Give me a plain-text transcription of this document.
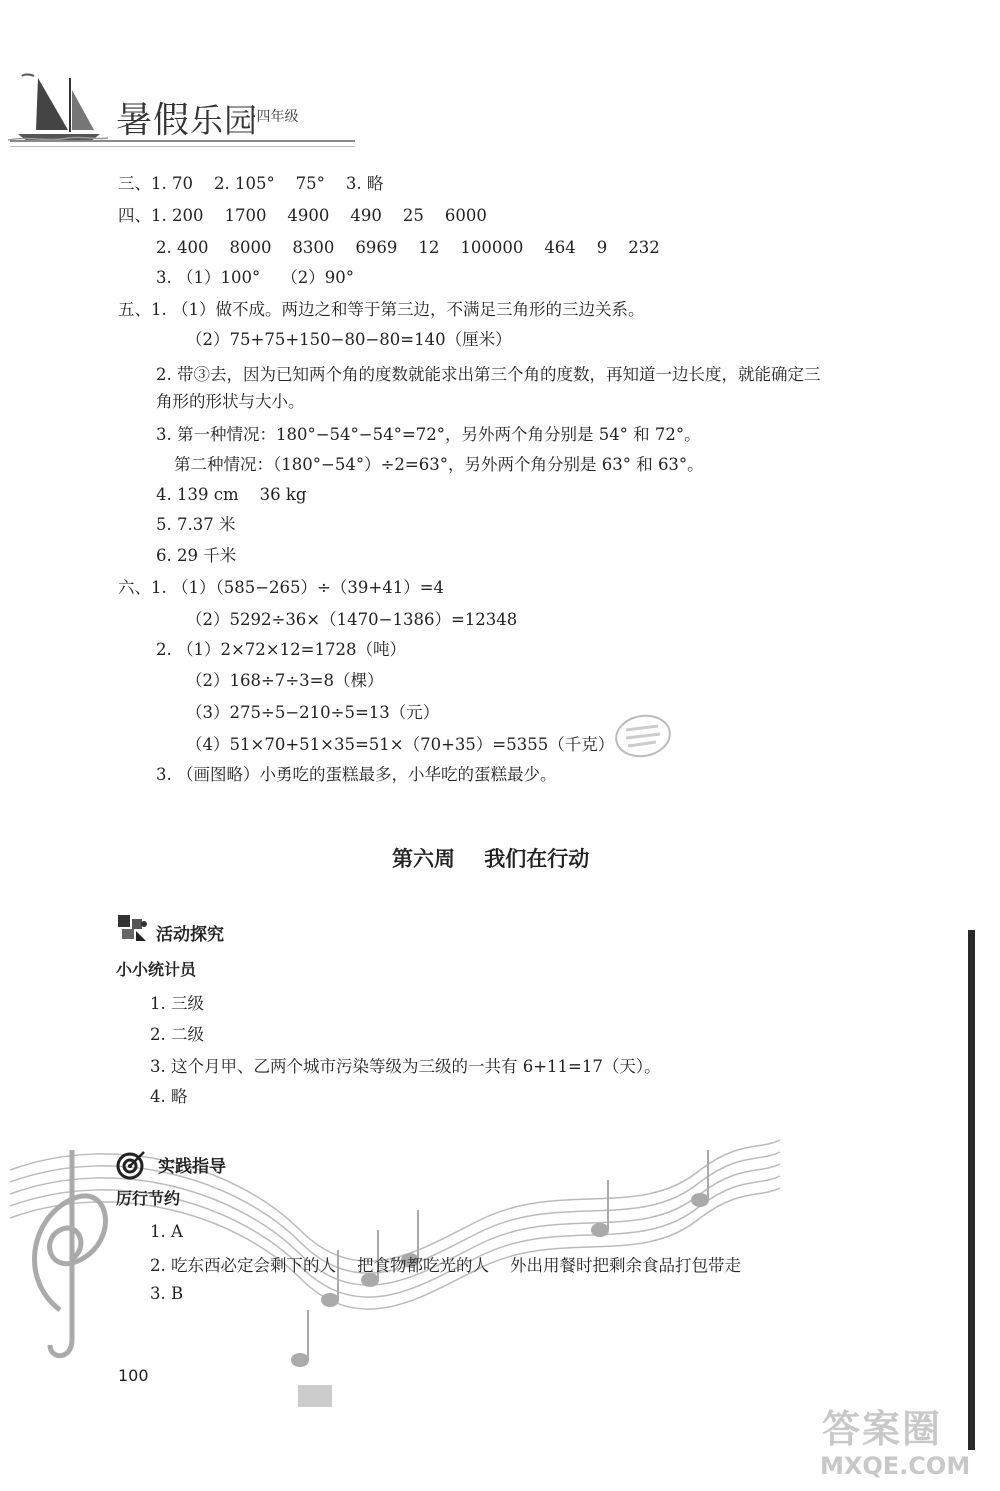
暑假乐园
·四年级
三、1. 70    2. 105°    75°    3. 略
四、1. 200    1700    4900    490    25    6000
2. 400    8000    8300    6969    12    100000    464    9    232
3. （1）100°    （2）90°
五、1. （1）做不成。两边之和等于第三边，不满足三角形的三边关系。
（2）75+75+150−80−80=140（厘米）
2. 带③去，因为已知两个角的度数就能求出第三个角的度数，再知道一边长度，就能确定三
角形的形状与大小。
3. 第一种情况：180°−54°−54°=72°，另外两个角分别是 54° 和 72°。
第二种情况：（180°−54°）÷2=63°，另外两个角分别是 63° 和 63°。
4. 139 cm    36 kg
5. 7.37 米
6. 29 千米
六、1. （1）（585−265）÷（39+41）=4
（2）5292÷36×（1470−1386）=12348
2. （1）2×72×12=1728（吨）
（2）168÷7÷3=8（棵）
（3）275÷5−210÷5=13（元）
（4）51×70+51×35=51×（70+35）=5355（千克）
3. （画图略）小勇吃的蛋糕最多，小华吃的蛋糕最少。
第六周    我们在行动
活动探究
小小统计员
1. 三级
2. 二级
3. 这个月甲、乙两个城市污染等级为三级的一共有 6+11=17（天）。
4. 略
实践指导
厉行节约
1. A
2. 吃东西必定会剩下的人    把食物都吃光的人    外出用餐时把剩余食品打包带走
3. B
100
答案圈
MXQE.COM
